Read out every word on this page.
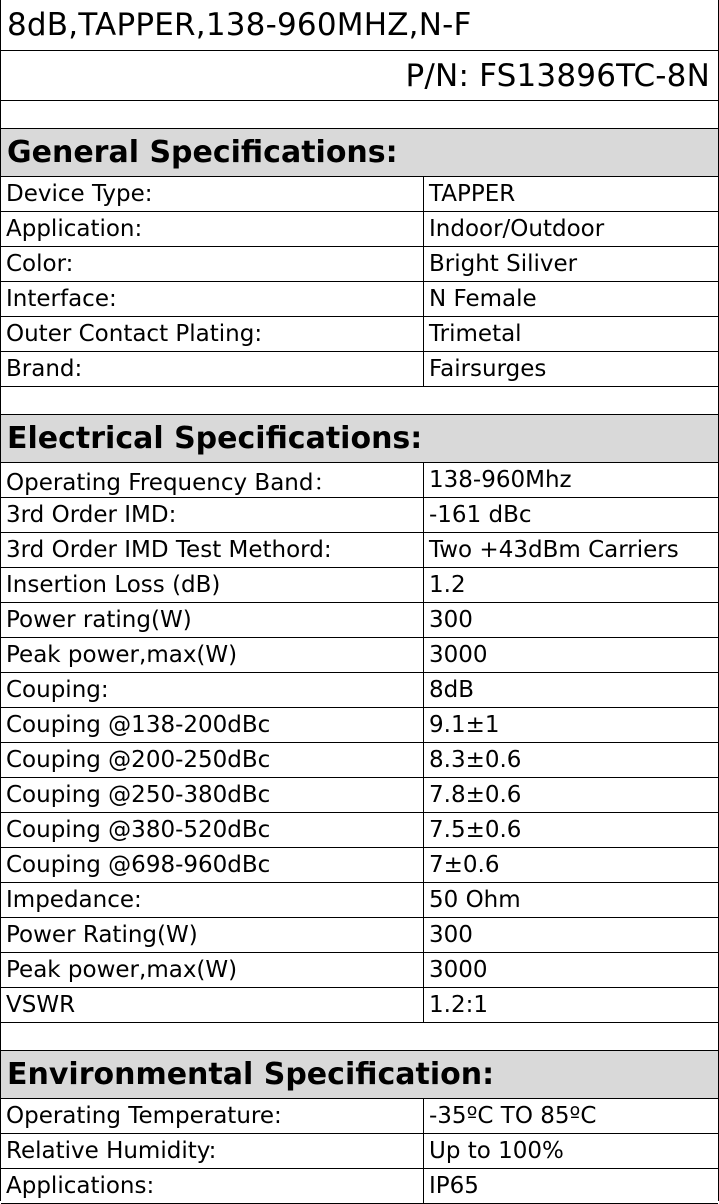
8dB,TAPPER,138-960MHZ,N-F
P/N: FS13896TC-8N
General Specifications:
Device Type:	TAPPER
Application:	Indoor/Outdoor
Color:	Bright Siliver
Interface:	N Female
Outer Contact Plating:	Trimetal
Brand:	Fairsurges
Electrical Specifications:
Operating Frequency Band：	138-960Mhz
3rd Order IMD:	-161 dBc
3rd Order IMD Test Methord:	Two +43dBm Carriers
Insertion Loss (dB)	1.2
Power rating(W)	300
Peak power,max(W)	3000
Couping:	8dB
Couping @138-200dBc	9.1±1
Couping @200-250dBc	8.3±0.6
Couping @250-380dBc	7.8±0.6
Couping @380-520dBc	7.5±0.6
Couping @698-960dBc	7±0.6
Impedance:	50 Ohm
Power Rating(W)	300
Peak power,max(W)	3000
VSWR	1.2:1
Environmental Specification:
Operating Temperature:	-35ºC TO 85ºC
Relative Humidity:	Up to 100%
Applications:	IP65
